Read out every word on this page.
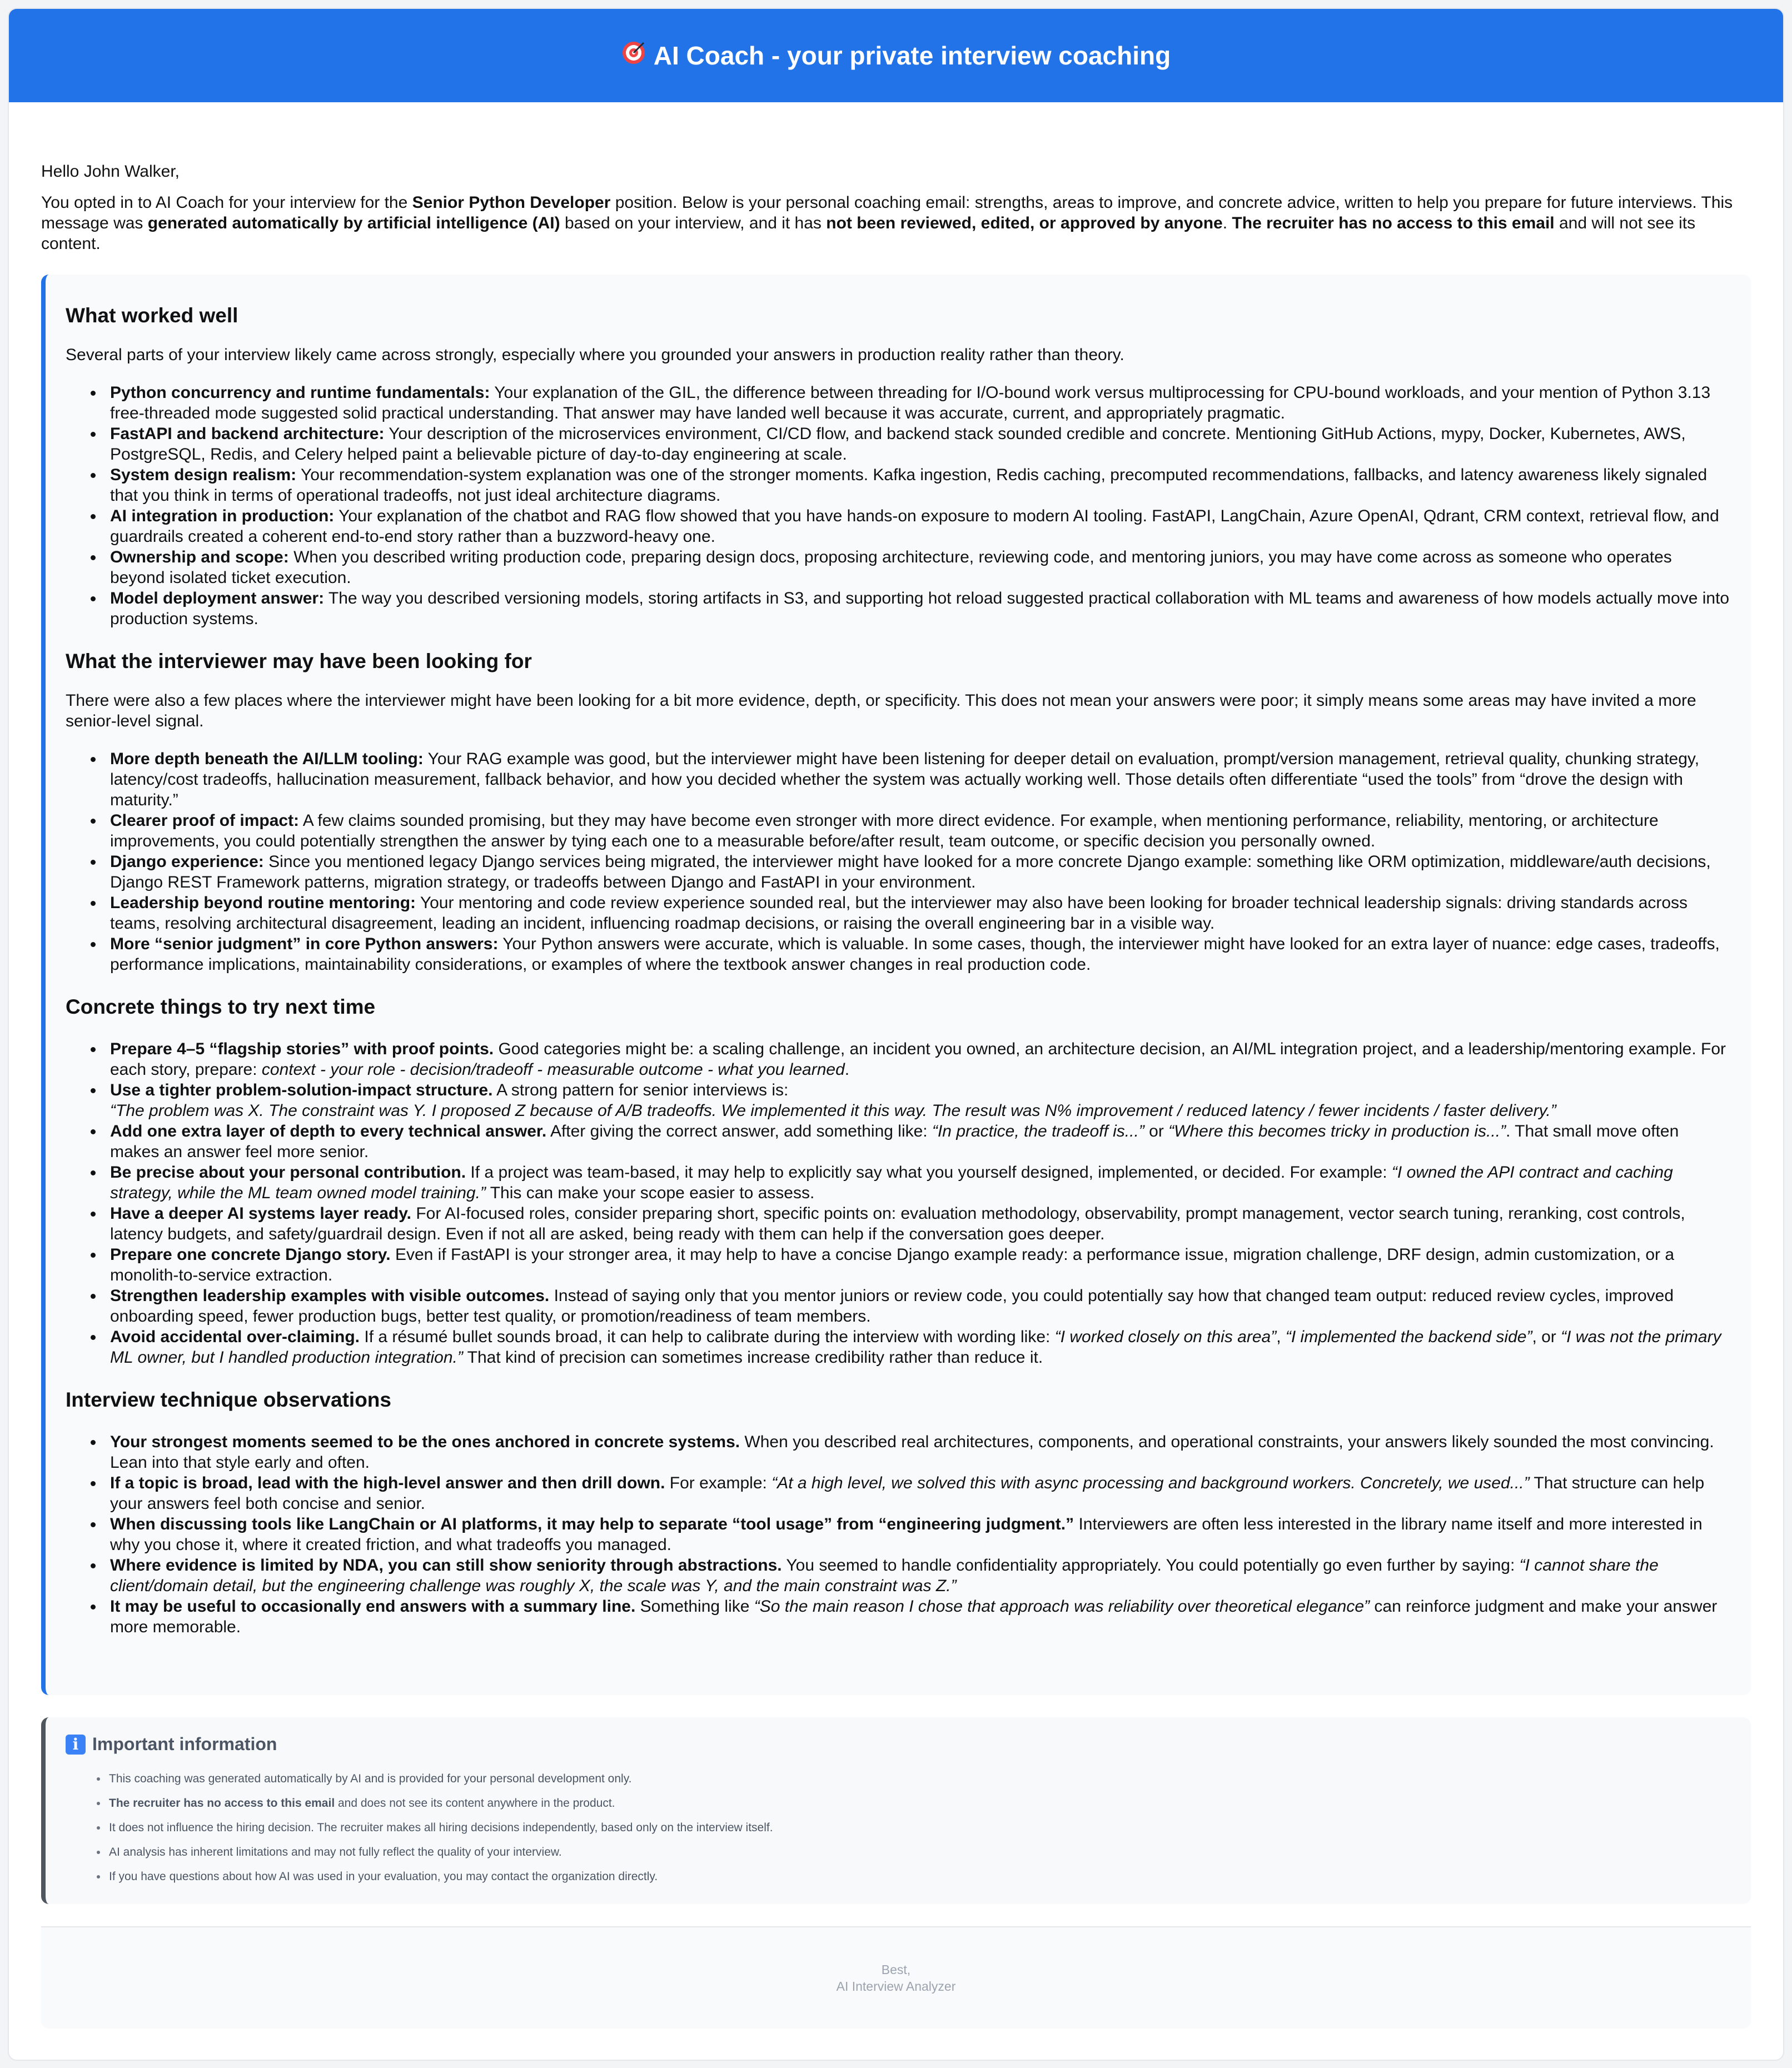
AI Coach - your private interview coaching
Hello John Walker,
You opted in to AI Coach for your interview for the Senior Python Developer position. Below is your personal coaching email: strengths, areas to improve, and concrete advice, written to help you prepare for future interviews. This message was generated automatically by artificial intelligence (AI) based on your interview, and it has not been reviewed, edited, or approved by anyone. The recruiter has no access to this email and will not see its content.
What worked well

Several parts of your interview likely came across strongly, especially where you grounded your answers in production reality rather than theory.

Python concurrency and runtime fundamentals: Your explanation of the GIL, the difference between threading for I/O-bound work versus multiprocessing for CPU-bound workloads, and your mention of Python 3.13 free-threaded mode suggested solid practical understanding. That answer may have landed well because it was accurate, current, and appropriately pragmatic.
FastAPI and backend architecture: Your description of the microservices environment, CI/CD flow, and backend stack sounded credible and concrete. Mentioning GitHub Actions, mypy, Docker, Kubernetes, AWS, PostgreSQL, Redis, and Celery helped paint a believable picture of day-to-day engineering at scale.
System design realism: Your recommendation-system explanation was one of the stronger moments. Kafka ingestion, Redis caching, precomputed recommendations, fallbacks, and latency awareness likely signaled that you think in terms of operational tradeoffs, not just ideal architecture diagrams.
AI integration in production: Your explanation of the chatbot and RAG flow showed that you have hands-on exposure to modern AI tooling. FastAPI, LangChain, Azure OpenAI, Qdrant, CRM context, retrieval flow, and guardrails created a coherent end-to-end story rather than a buzzword-heavy one.
Ownership and scope: When you described writing production code, preparing design docs, proposing architecture, reviewing code, and mentoring juniors, you may have come across as someone who operates beyond isolated ticket execution.
Model deployment answer: The way you described versioning models, storing artifacts in S3, and supporting hot reload suggested practical collaboration with ML teams and awareness of how models actually move into production systems.
What the interviewer may have been looking for

There were also a few places where the interviewer might have been looking for a bit more evidence, depth, or specificity. This does not mean your answers were poor; it simply means some areas may have invited a more senior-level signal.

More depth beneath the AI/LLM tooling: Your RAG example was good, but the interviewer might have been listening for deeper detail on evaluation, prompt/version management, retrieval quality, chunking strategy, latency/cost tradeoffs, hallucination measurement, fallback behavior, and how you decided whether the system was actually working well. Those details often differentiate “used the tools” from “drove the design with maturity.”
Clearer proof of impact: A few claims sounded promising, but they may have become even stronger with more direct evidence. For example, when mentioning performance, reliability, mentoring, or architecture improvements, you could potentially strengthen the answer by tying each one to a measurable before/after result, team outcome, or specific decision you personally owned.
Django experience: Since you mentioned legacy Django services being migrated, the interviewer might have looked for a more concrete Django example: something like ORM optimization, middleware/auth decisions, Django REST Framework patterns, migration strategy, or tradeoffs between Django and FastAPI in your environment.
Leadership beyond routine mentoring: Your mentoring and code review experience sounded real, but the interviewer may also have been looking for broader technical leadership signals: driving standards across teams, resolving architectural disagreement, leading an incident, influencing roadmap decisions, or raising the overall engineering bar in a visible way.
More “senior judgment” in core Python answers: Your Python answers were accurate, which is valuable. In some cases, though, the interviewer might have looked for an extra layer of nuance: edge cases, tradeoffs, performance implications, maintainability considerations, or examples of where the textbook answer changes in real production code.
Concrete things to try next time
Prepare 4–5 “flagship stories” with proof points. Good categories might be: a scaling challenge, an incident you owned, an architecture decision, an AI/ML integration project, and a leadership/mentoring example. For each story, prepare: context - your role - decision/tradeoff - measurable outcome - what you learned.
Use a tighter problem-solution-impact structure. A strong pattern for senior interviews is:
“The problem was X. The constraint was Y. I proposed Z because of A/B tradeoffs. We implemented it this way. The result was N% improvement / reduced latency / fewer incidents / faster delivery.”
Add one extra layer of depth to every technical answer. After giving the correct answer, add something like: “In practice, the tradeoff is...” or “Where this becomes tricky in production is...”. That small move often makes an answer feel more senior.
Be precise about your personal contribution. If a project was team-based, it may help to explicitly say what you yourself designed, implemented, or decided. For example: “I owned the API contract and caching strategy, while the ML team owned model training.” This can make your scope easier to assess.
Have a deeper AI systems layer ready. For AI-focused roles, consider preparing short, specific points on: evaluation methodology, observability, prompt management, vector search tuning, reranking, cost controls, latency budgets, and safety/guardrail design. Even if not all are asked, being ready with them can help if the conversation goes deeper.
Prepare one concrete Django story. Even if FastAPI is your stronger area, it may help to have a concise Django example ready: a performance issue, migration challenge, DRF design, admin customization, or a monolith-to-service extraction.
Strengthen leadership examples with visible outcomes. Instead of saying only that you mentor juniors or review code, you could potentially say how that changed team output: reduced review cycles, improved onboarding speed, fewer production bugs, better test quality, or promotion/readiness of team members.
Avoid accidental over-claiming. If a résumé bullet sounds broad, it can help to calibrate during the interview with wording like: “I worked closely on this area”, “I implemented the backend side”, or “I was not the primary ML owner, but I handled production integration.” That kind of precision can sometimes increase credibility rather than reduce it.
Interview technique observations
Your strongest moments seemed to be the ones anchored in concrete systems. When you described real architectures, components, and operational constraints, your answers likely sounded the most convincing. Lean into that style early and often.
If a topic is broad, lead with the high-level answer and then drill down. For example: “At a high level, we solved this with async processing and background workers. Concretely, we used...” That structure can help your answers feel both concise and senior.
When discussing tools like LangChain or AI platforms, it may help to separate “tool usage” from “engineering judgment.” Interviewers are often less interested in the library name itself and more interested in why you chose it, where it created friction, and what tradeoffs you managed.
Where evidence is limited by NDA, you can still show seniority through abstractions. You seemed to handle confidentiality appropriately. You could potentially go even further by saying: “I cannot share the client/domain detail, but the engineering challenge was roughly X, the scale was Y, and the main constraint was Z.”
It may be useful to occasionally end answers with a summary line. Something like “So the main reason I chose that approach was reliability over theoretical elegance” can reinforce judgment and make your answer more memorable.
i Important information
This coaching was generated automatically by AI and is provided for your personal development only.
The recruiter has no access to this email and does not see its content anywhere in the product.
It does not influence the hiring decision. The recruiter makes all hiring decisions independently, based only on the interview itself.
AI analysis has inherent limitations and may not fully reflect the quality of your interview.
If you have questions about how AI was used in your evaluation, you may contact the organization directly.
Best,
AI Interview Analyzer
